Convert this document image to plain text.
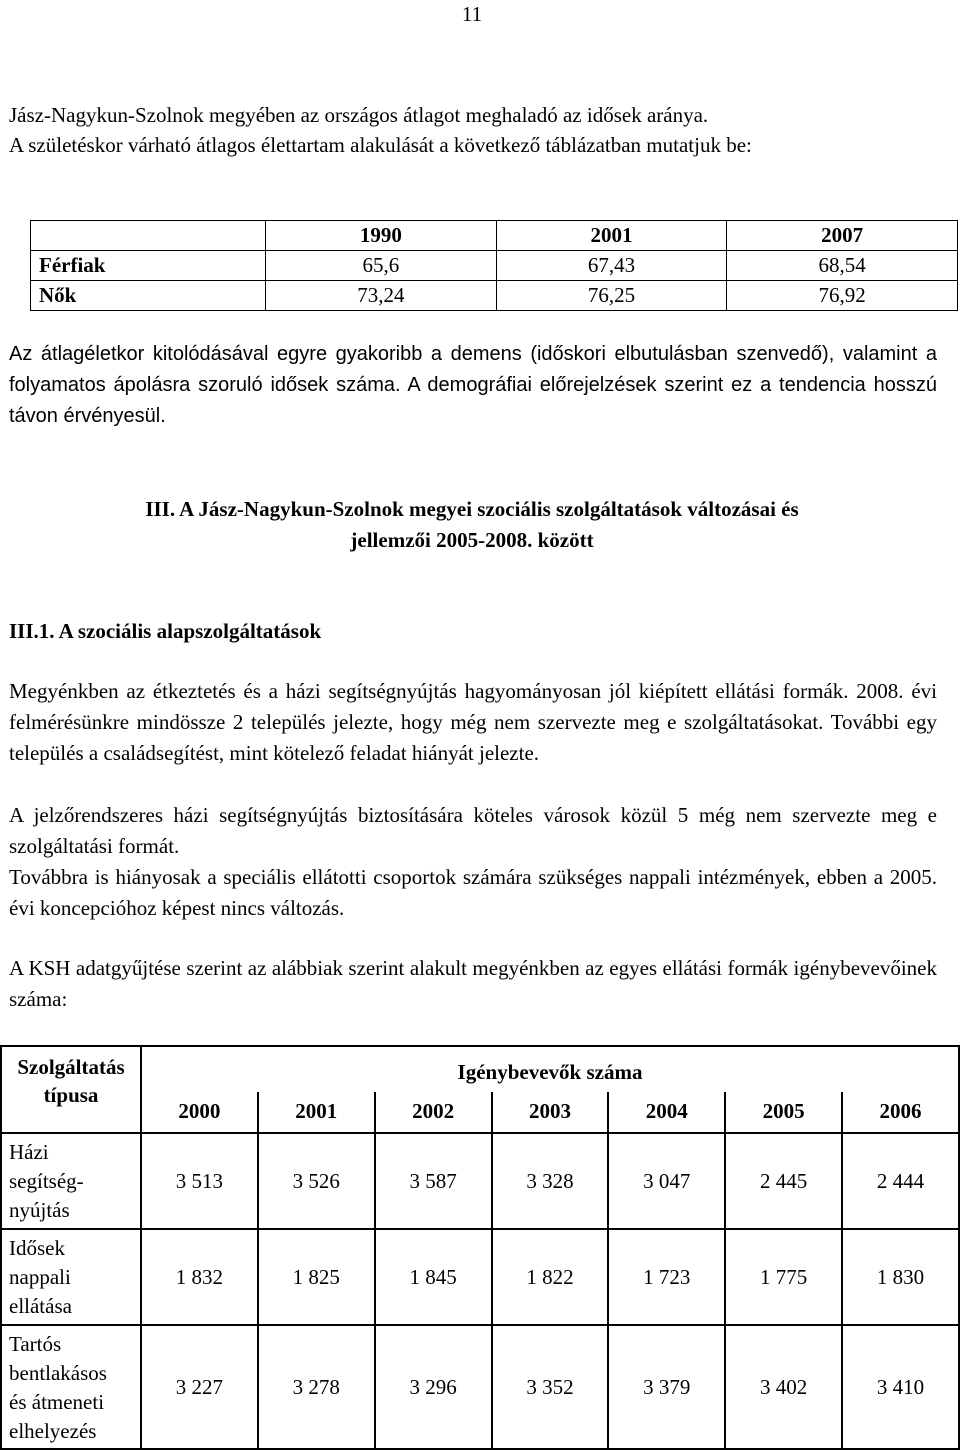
11

Jász-Nagykun-Szolnok megyében az országos átlagot meghaladó az idősek aránya.

A születéskor várható átlagos élettartam alakulását a következő táblázatban mutatjuk be:

	1990	2001	2007
Férfiak	65,6	67,43	68,54
Nők	73,24	76,25	76,92

Az átlagéletkor kitolódásával egyre gyakoribb a demens (időskori elbutulásban szenvedő), valamint a folyamatos ápolásra szoruló idősek száma. A demográfiai előrejelzések szerint ez a tendencia hosszú távon érvényesül.

III. A Jász-Nagykun-Szolnok megyei szociális szolgáltatások változásai és
jellemzői 2005-2008. között
III.1. A szociális alapszolgáltatások

Megyénkben az étkeztetés és a házi segítségnyújtás hagyományosan jól kiépített ellátási formák. 2008. évi felmérésünkre mindössze 2 település jelezte, hogy még nem szervezte meg e szolgáltatásokat. További egy település a családsegítést, mint kötelező feladat hiányát jelezte.

A jelzőrendszeres házi segítségnyújtás biztosítására köteles városok közül 5 még nem szervezte meg e szolgáltatási formát.

Továbbra is hiányosak a speciális ellátotti csoportok számára szükséges nappali intézmények, ebben a 2005. évi koncepcióhoz képest nincs változás.

A KSH adatgyűjtése szerint az alábbiak szerint alakult megyénkben az egyes ellátási formák igénybevevőinek száma:

Szolgáltatás
típusa	Igénybevevők száma						
	2000	2001	2002	2003	2004	2005	2006

Házi
segítség-
nyújtás	3 513	3 526	3 587	3 328	3 047	2 445	2 444

Idősek
nappali
ellátása	1 832	1 825	1 845	1 822	1 723	1 775	1 830

Tartós
bentlakásos
és átmeneti
elhelyezés	3 227	3 278	3 296	3 352	3 379	3 402	3 410
